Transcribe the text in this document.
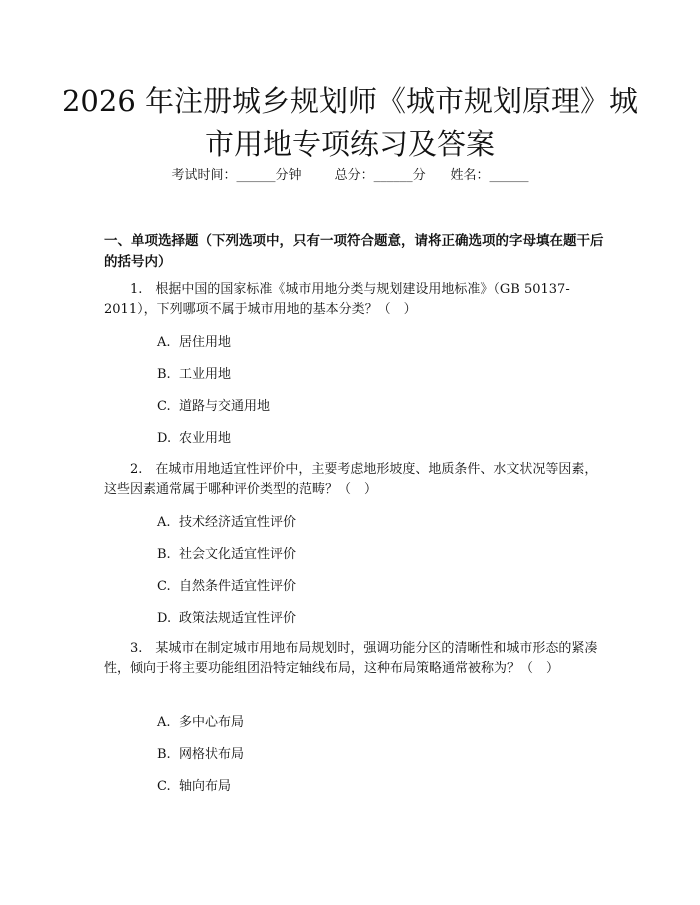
2026 年注册城乡规划师《城市规划原理》城
市用地专项练习及答案
考试时间：______分钟	总分：______分 姓名：______
一、单项选择题（下列选项中，只有一项符合题意，请将正确选项的字母填在题干后的括号内）
1.　根据中国的国家标准《城市用地分类与规划建设用地标准》（GB 50137-2011），下列哪项不属于城市用地的基本分类？（　）
A. 居住用地
B. 工业用地
C. 道路与交通用地
D. 农业用地
2.　在城市用地适宜性评价中，主要考虑地形坡度、地质条件、水文状况等因素，这些因素通常属于哪种评价类型的范畴？（　）
A. 技术经济适宜性评价
B. 社会文化适宜性评价
C. 自然条件适宜性评价
D. 政策法规适宜性评价
3.　某城市在制定城市用地布局规划时，强调功能分区的清晰性和城市形态的紧凑性，倾向于将主要功能组团沿特定轴线布局，这种布局策略通常被称为？（　）
A. 多中心布局
B. 网格状布局
C. 轴向布局
